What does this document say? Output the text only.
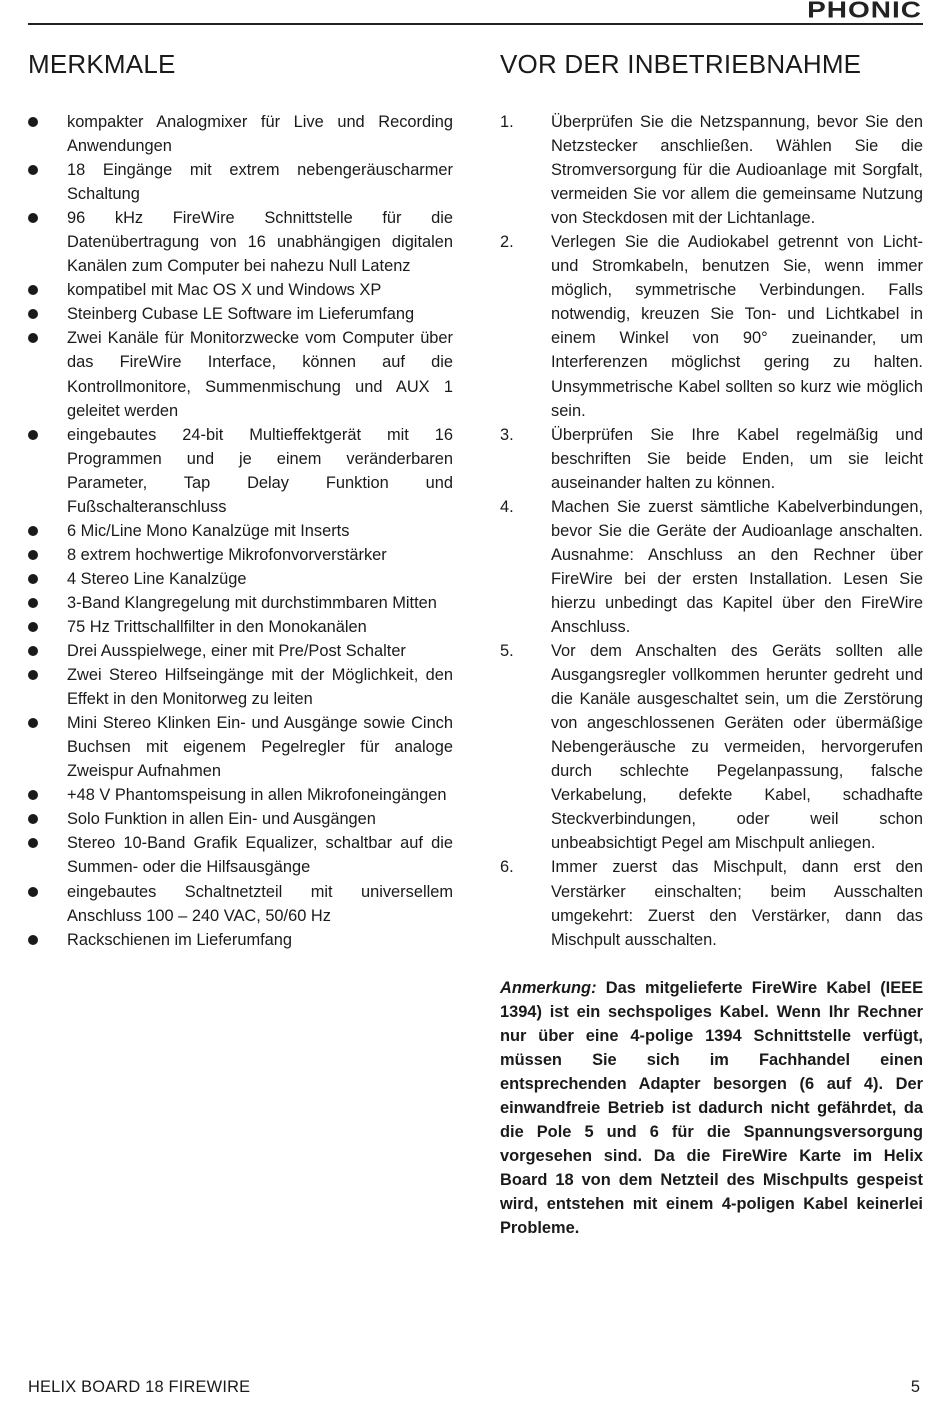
PHONIC
MERKMALE
kompakter Analogmixer für Live und Recording Anwendungen
18 Eingänge mit extrem nebengeräuscharmer Schaltung
96 kHz FireWire Schnittstelle für die Datenübertragung von 16 unabhängigen digitalen Kanälen zum Computer bei nahezu Null Latenz
kompatibel mit Mac OS X und Windows XP
Steinberg Cubase LE Software im Lieferumfang
Zwei Kanäle für Monitorzwecke vom Computer über das FireWire Interface, können auf die Kontrollmonitore, Summenmischung und AUX 1 geleitet werden
eingebautes 24-bit Multieffektgerät mit 16 Programmen und je einem veränderbaren Parameter, Tap Delay Funktion und Fußschalteranschluss
6 Mic/Line Mono Kanalzüge mit Inserts
8 extrem hochwertige Mikrofonvorverstärker
4 Stereo Line Kanalzüge
3-Band Klangregelung mit durchstimmbaren Mitten
75 Hz Trittschallfilter in den Monokanälen
Drei Ausspielwege, einer mit Pre/Post Schalter
Zwei Stereo Hilfseingänge mit der Möglichkeit, den Effekt in den Monitorweg zu leiten
Mini Stereo Klinken Ein- und Ausgänge sowie Cinch Buchsen mit eigenem Pegelregler für analoge Zweispur Aufnahmen
+48 V Phantomspeisung in allen Mikrofoneingängen
Solo Funktion in allen Ein- und Ausgängen
Stereo 10-Band Grafik Equalizer, schaltbar auf die Summen- oder die Hilfsausgänge
eingebautes Schaltnetzteil mit universellem Anschluss 100 – 240 VAC, 50/60 Hz
Rackschienen im Lieferumfang
VOR DER INBETRIEBNAHME
1. Überprüfen Sie die Netzspannung, bevor Sie den Netzstecker anschließen. Wählen Sie die Stromversorgung für die Audioanlage mit Sorgfalt, vermeiden Sie vor allem die gemeinsame Nutzung von Steckdosen mit der Lichtanlage.
2. Verlegen Sie die Audiokabel getrennt von Licht- und Stromkabeln, benutzen Sie, wenn immer möglich, symmetrische Verbindungen. Falls notwendig, kreuzen Sie Ton- und Lichtkabel in einem Winkel von 90° zueinander, um Interferenzen möglichst gering zu halten. Unsymmetrische Kabel sollten so kurz wie möglich sein.
3. Überprüfen Sie Ihre Kabel regelmäßig und beschriften Sie beide Enden, um sie leicht auseinander halten zu können.
4. Machen Sie zuerst sämtliche Kabelverbindungen, bevor Sie die Geräte der Audioanlage anschalten. Ausnahme: Anschluss an den Rechner über FireWire bei der ersten Installation. Lesen Sie hierzu unbedingt das Kapitel über den FireWire Anschluss.
5. Vor dem Anschalten des Geräts sollten alle Ausgangsregler vollkommen herunter gedreht und die Kanäle ausgeschaltet sein, um die Zerstörung von angeschlossenen Geräten oder übermäßige Nebengeräusche zu vermeiden, hervorgerufen durch schlechte Pegelanpassung, falsche Verkabelung, defekte Kabel, schadhafte Steckverbindungen, oder weil schon unbeabsichtigt Pegel am Mischpult anliegen.
6. Immer zuerst das Mischpult, dann erst den Verstärker einschalten; beim Ausschalten umgekehrt: Zuerst den Verstärker, dann das Mischpult ausschalten.

Anmerkung: Das mitgelieferte FireWire Kabel (IEEE 1394) ist ein sechspoliges Kabel. Wenn Ihr Rechner nur über eine 4-polige 1394 Schnittstelle verfügt, müssen Sie sich im Fachhandel einen entsprechenden Adapter besorgen (6 auf 4). Der einwandfreie Betrieb ist dadurch nicht gefährdet, da die Pole 5 und 6 für die Spannungsversorgung vorgesehen sind. Da die FireWire Karte im Helix Board 18 von dem Netzteil des Mischpults gespeist wird, entstehen mit einem 4-poligen Kabel keinerlei Probleme.

HELIX BOARD 18 FIREWIRE	5
